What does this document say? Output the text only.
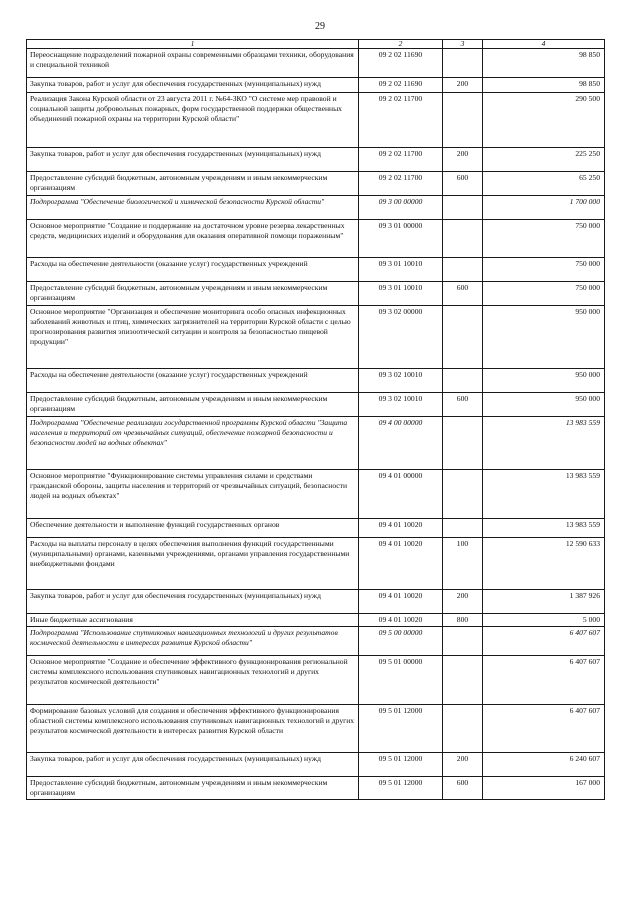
29
1	2	3	4
Переоснащение подразделений пожарной охраны современными образцами техники, оборудования и специальной техникой	09 2 02 11690		98 850
Закупка товаров, работ и услуг для обеспечения государственных (муниципальных) нужд	09 2 02 11690	200	98 850
Реализация Закона Курской области от 23 августа 2011 г. №64-ЗКО "О системе мер правовой и социальной защиты добровольных пожарных, форм государственной поддержки общественных объединений пожарной охраны на территории Курской области"	09 2 02 11700		290 500
Закупка товаров, работ и услуг для обеспечения государственных (муниципальных) нужд	09 2 02 11700	200	225 250
Предоставление субсидий бюджетным, автономным учреждениям и иным некоммерческим организациям	09 2 02 11700	600	65 250
Подпрограмма "Обеспечение биологической и химической безопасности Курской области"	09 3 00 00000		1 700 000
Основное мероприятие "Создание и поддержание на достаточном уровне резерва лекарственных средств, медицинских изделий и оборудования для оказания оперативной помощи пораженным"	09 3 01 00000		750 000
Расходы на обеспечение деятельности (оказание услуг) государственных учреждений	09 3 01 10010		750 000
Предоставление субсидий бюджетным, автономным учреждениям и иным некоммерческим организациям	09 3 01 10010	600	750 000
Основное мероприятие "Организация и обеспечение мониторинга особо опасных инфекционных заболеваний животных и птиц, химических загрязнителей на территории Курской области с целью прогнозирования развития эпизоотической ситуации и контроля за безопасностью пищевой продукции"	09 3 02 00000		950 000
Расходы на обеспечение деятельности (оказание услуг) государственных учреждений	09 3 02 10010		950 000
Предоставление субсидий бюджетным, автономным учреждениям и иным некоммерческим организациям	09 3 02 10010	600	950 000
Подпрограмма "Обеспечение реализации государственной программы Курской области "Защита населения и территорий от чрезвычайных ситуаций, обеспечение пожарной безопасности и безопасности людей на водных объектах"	09 4 00 00000		13 983 559
Основное мероприятие "Функционирование системы управления силами и средствами гражданской обороны, защиты населения и территорий от чрезвычайных ситуаций, безопасности людей на водных объектах"	09 4 01 00000		13 983 559
Обеспечение деятельности и выполнение функций государственных органов	09 4 01 10020		13 983 559
Расходы на выплаты персоналу в целях обеспечения выполнения функций государственными (муниципальными) органами, казенными учреждениями, органами управления государственными внебюджетными фондами	09 4 01 10020	100	12 590 633
Закупка товаров, работ и услуг для обеспечения государственных (муниципальных) нужд	09 4 01 10020	200	1 387 926
Иные бюджетные ассигнования	09 4 01 10020	800	5 000
Подпрограмма "Использование спутниковых навигационных технологий и других результатов космической деятельности в интересах развития Курской области"	09 5 00 00000		6 407 607
Основное мероприятие "Создание и обеспечение эффективного функционирования региональной системы комплексного использования спутниковых навигационных технологий и других результатов космической деятельности"	09 5 01 00000		6 407 607
Формирование базовых условий для создания и обеспечения эффективного функционирования областной системы комплексного использования спутниковых навигационных технологий и других результатов космической деятельности в интересах развития Курской области	09 5 01 12000		6 407 607
Закупка товаров, работ и услуг для обеспечения государственных (муниципальных) нужд	09 5 01 12000	200	6 240 607
Предоставление субсидий бюджетным, автономным учреждениям и иным некоммерческим организациям	09 5 01 12000	600	167 000
